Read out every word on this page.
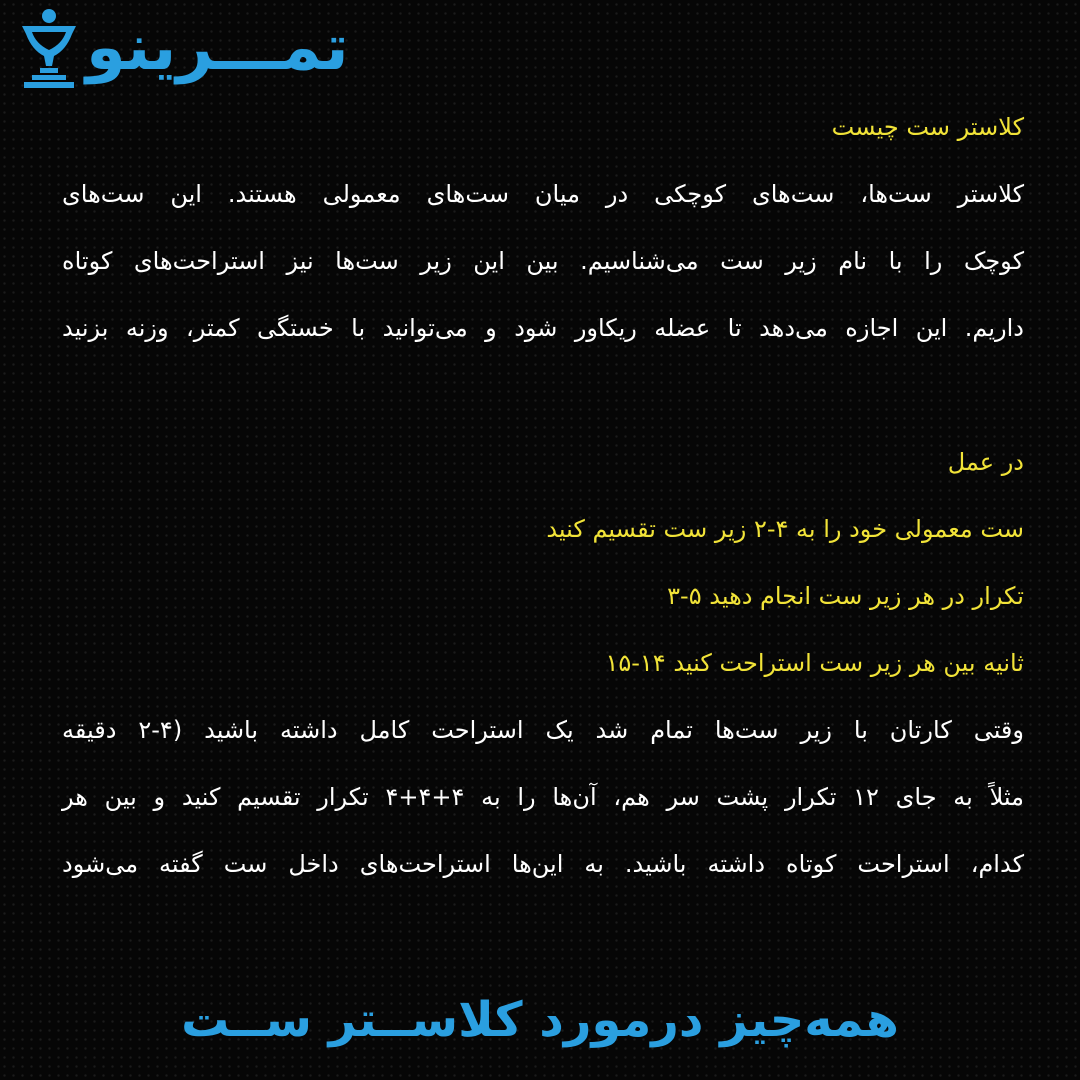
تمـــرینو
کلاستر ست چیست
کلاستر ست‌ها، ست‌های کوچکی در میان ست‌های معمولی هستند. این ست‌های
کوچک را با نام زیر ست می‌شناسیم. بین این زیر ست‌ها نیز استراحت‌های کوتاه
داریم. این اجازه می‌دهد تا عضله ریکاور شود و می‌توانید با خستگی کمتر، وزنه بزنید
در عمل
ست معمولی خود را به ۴-۲ زیر ست تقسیم کنید
تکرار در هر زیر ست انجام دهید ۵-۳
ثانیه بین هر زیر ست استراحت کنید ۱۴-۱۵
وقتی کارتان با زیر ست‌ها تمام شد یک استراحت کامل داشته باشید (۴-۲ دقیقه
مثلاً به جای ۱۲ تکرار پشت سر هم، آن‌ها را به ۴+۴+۴ تکرار تقسیم کنید و بین هر
کدام، استراحت کوتاه داشته باشید. به این‌ها استراحت‌های داخل ست گفته می‌شود
همه‌چیز درمورد کلاســتر ســت
